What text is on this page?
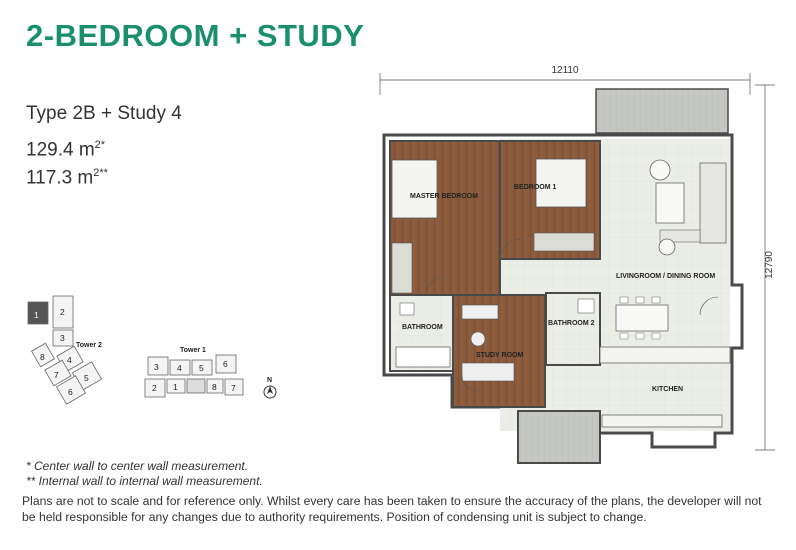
2-BEDROOM + STUDY
Type 2B + Study 4
129.4 $m^{2*}$
117.3 $m^{2**}$
12110
12790
MASTER BEDROOM
BEDROOM 1
LIVINGROOM / DINING ROOM
BATHROOM
STUDY ROOM
BATHROOM 2
KITCHEN
1	2
3
4
5
6
7
8
Tower 2
Tower 1
3 4 5 6
2 1	8 7
N
* Center wall to center wall measurement.
** Internal wall to internal wall measurement.
Plans are not to scale and for reference only. Whilst every care has been taken to ensure the accuracy of the plans, the developer will not be held responsible for any changes due to authority requirements. Position of condensing unit is subject to change.
